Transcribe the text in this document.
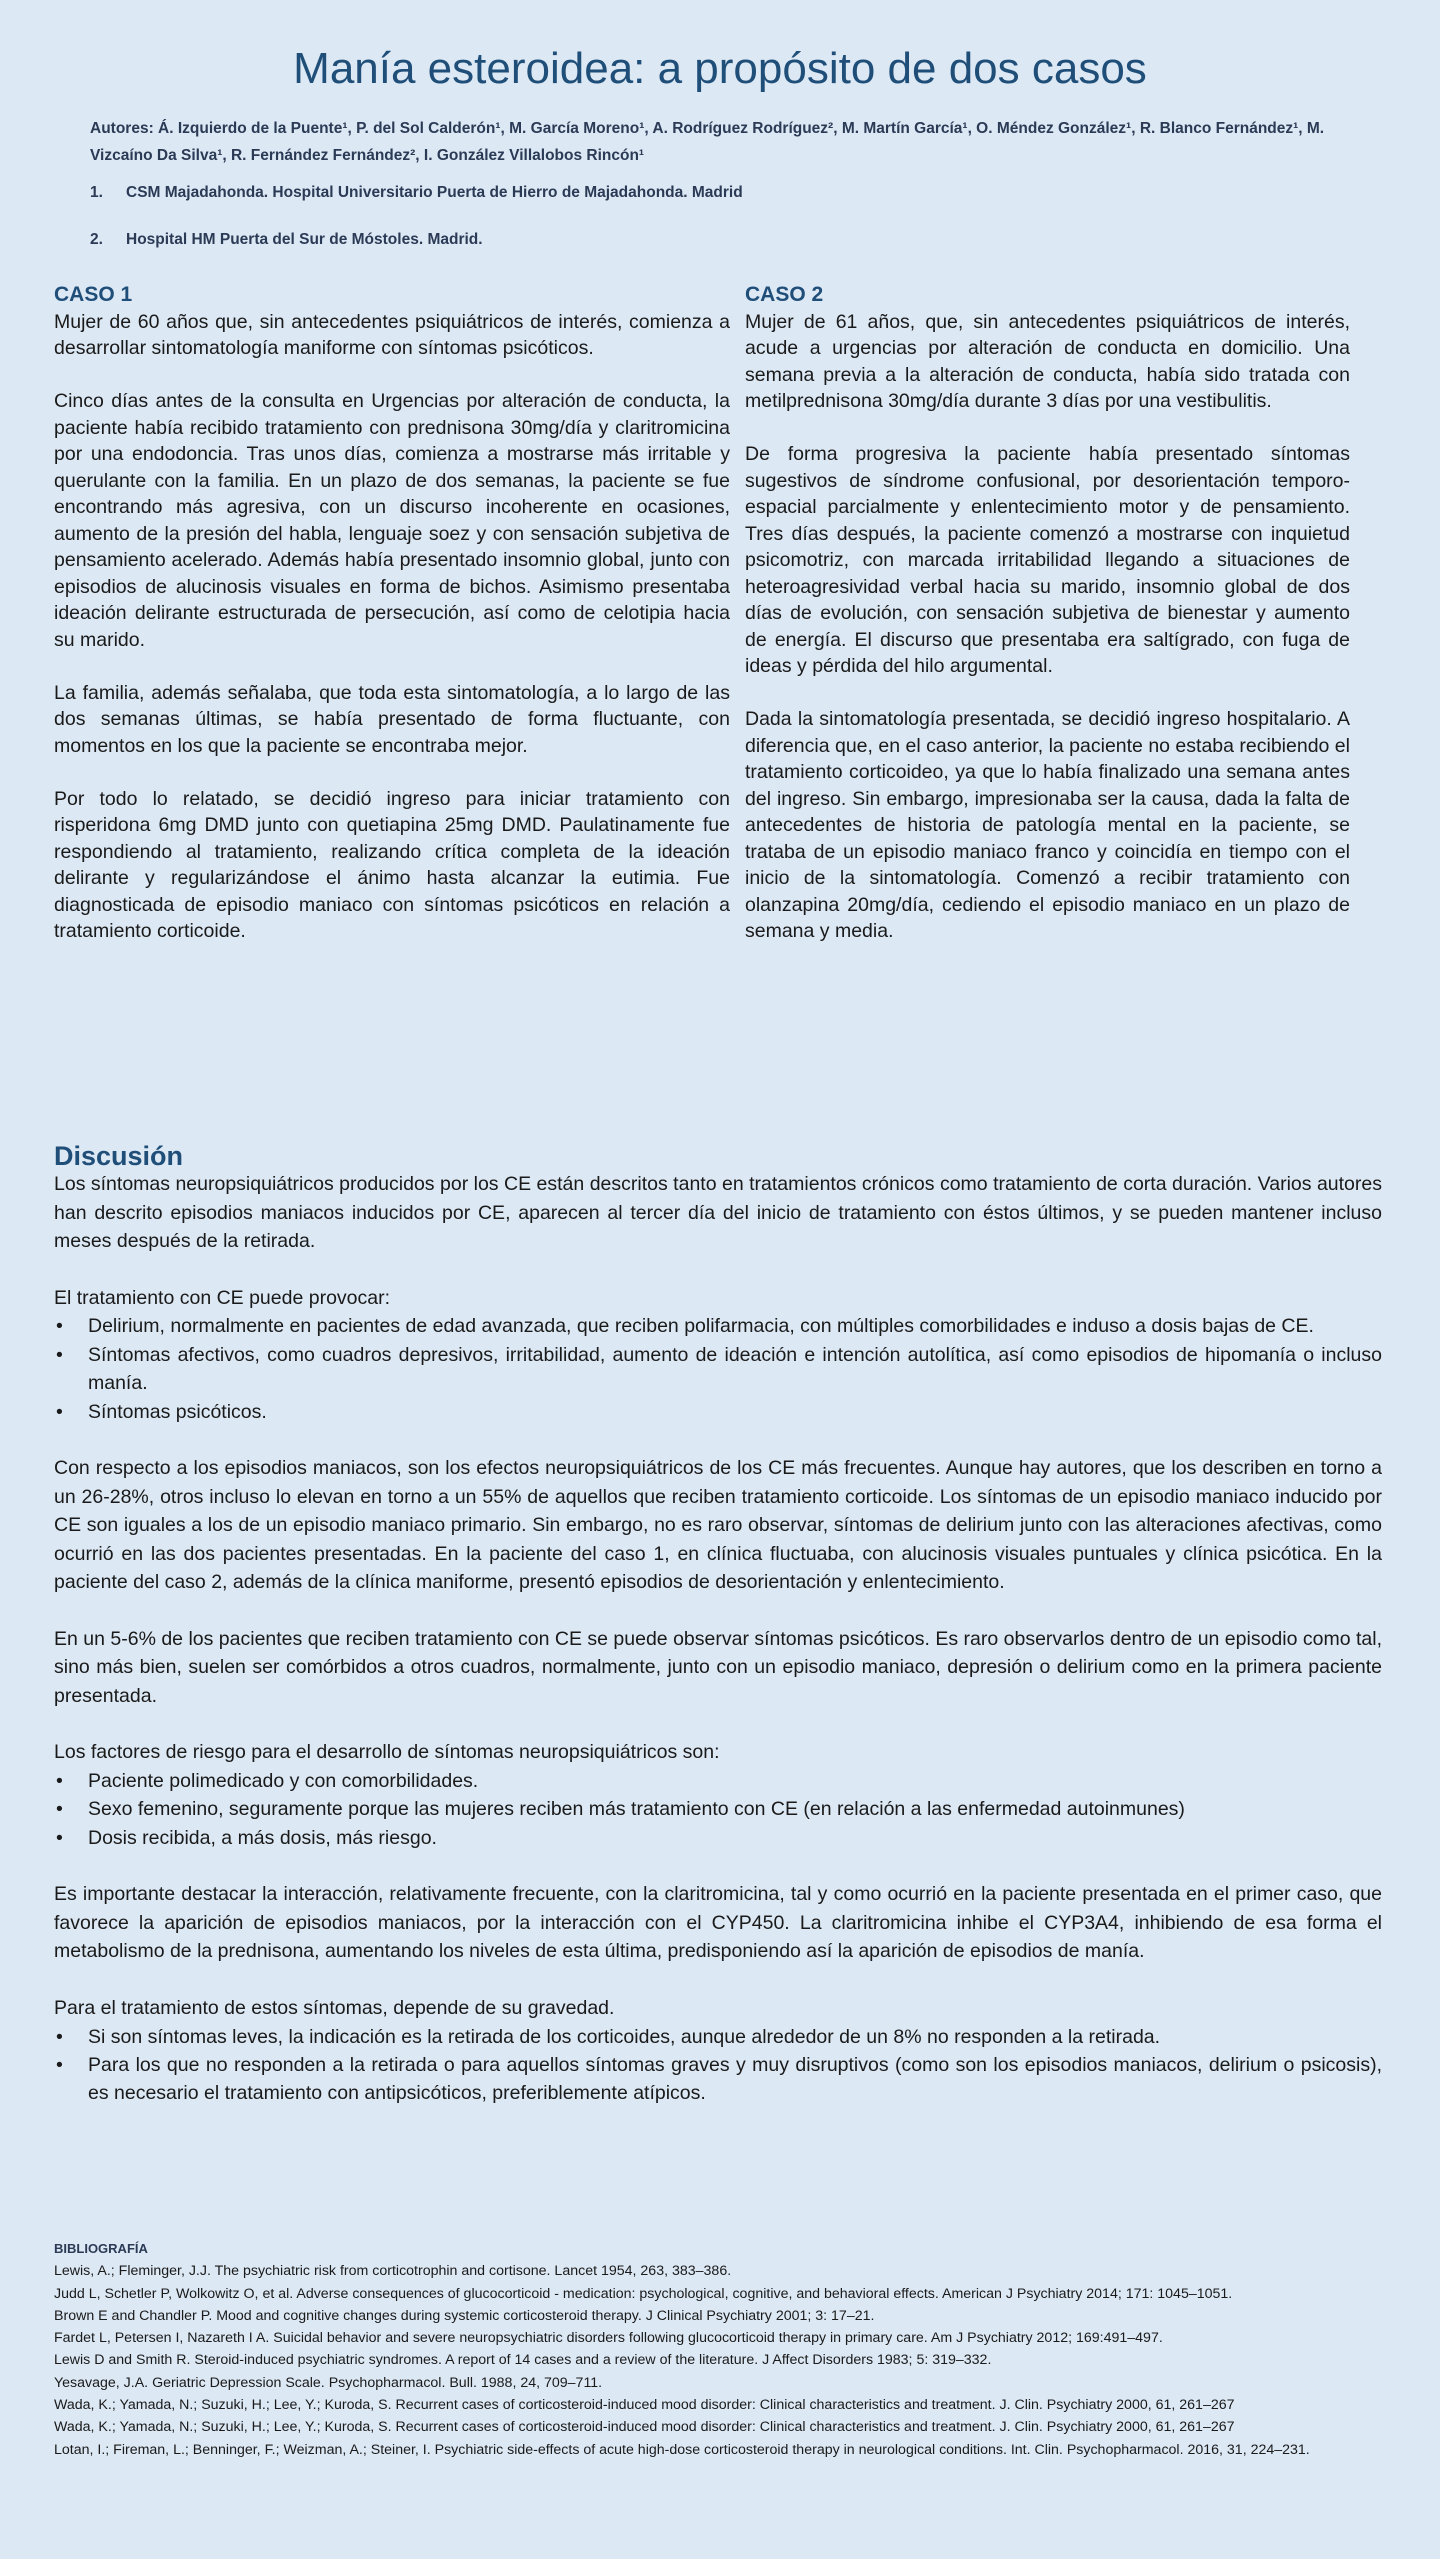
Manía esteroidea: a propósito de dos casos

Autores: Á. Izquierdo de la Puente¹, P. del Sol Calderón¹, M. García Moreno¹, A. Rodríguez Rodríguez², M. Martín García¹, O. Méndez González¹, R. Blanco Fernández¹, M. Vizcaíno Da Silva¹, R. Fernández Fernández², I. González Villalobos Rincón¹

1. CSM Majadahonda. Hospital Universitario Puerta de Hierro de Majadahonda. Madrid

2. Hospital HM Puerta del Sur de Móstoles. Madrid.

CASO 1

Mujer de 60 años que, sin antecedentes psiquiátricos de interés, comienza a desarrollar sintomatología maniforme con síntomas psicóticos.

Cinco días antes de la consulta en Urgencias por alteración de conducta, la paciente había recibido tratamiento con prednisona 30mg/día y claritromicina por una endodoncia. Tras unos días, comienza a mostrarse más irritable y querulante con la familia. En un plazo de dos semanas, la paciente se fue encontrando más agresiva, con un discurso incoherente en ocasiones, aumento de la presión del habla, lenguaje soez y con sensación subjetiva de pensamiento acelerado. Además había presentado insomnio global, junto con episodios de alucinosis visuales en forma de bichos. Asimismo presentaba ideación delirante estructurada de persecución, así como de celotipia hacia su marido.

La familia, además señalaba, que toda esta sintomatología, a lo largo de las dos semanas últimas, se había presentado de forma fluctuante, con momentos en los que la paciente se encontraba mejor.

Por todo lo relatado, se decidió ingreso para iniciar tratamiento con risperidona 6mg DMD junto con quetiapina 25mg DMD. Paulatinamente fue respondiendo al tratamiento, realizando crítica completa de la ideación delirante y regularizándose el ánimo hasta alcanzar la eutimia. Fue diagnosticada de episodio maniaco con síntomas psicóticos en relación a tratamiento corticoide.

CASO 2

Mujer de 61 años, que, sin antecedentes psiquiátricos de interés, acude a urgencias por alteración de conducta en domicilio. Una semana previa a la alteración de conducta, había sido tratada con metilprednisona 30mg/día durante 3 días por una vestibulitis.

De forma progresiva la paciente había presentado síntomas sugestivos de síndrome confusional, por desorientación temporo-espacial parcialmente y enlentecimiento motor y de pensamiento. Tres días después, la paciente comenzó a mostrarse con inquietud psicomotriz, con marcada irritabilidad llegando a situaciones de heteroagresividad verbal hacia su marido, insomnio global de dos días de evolución, con sensación subjetiva de bienestar y aumento de energía. El discurso que presentaba era saltígrado, con fuga de ideas y pérdida del hilo argumental.

Dada la sintomatología presentada, se decidió ingreso hospitalario. A diferencia que, en el caso anterior, la paciente no estaba recibiendo el tratamiento corticoideo, ya que lo había finalizado una semana antes del ingreso. Sin embargo, impresionaba ser la causa, dada la falta de antecedentes de historia de patología mental en la paciente, se trataba de un episodio maniaco franco y coincidía en tiempo con el inicio de la sintomatología. Comenzó a recibir tratamiento con olanzapina 20mg/día, cediendo el episodio maniaco en un plazo de semana y media.

Discusión

Los síntomas neuropsiquiátricos producidos por los CE están descritos tanto en tratamientos crónicos como tratamiento de corta duración. Varios autores han descrito episodios maniacos inducidos por CE, aparecen al tercer día del inicio de tratamiento con éstos últimos, y se pueden mantener incluso meses después de la retirada.

El tratamiento con CE puede provocar:

• Delirium, normalmente en pacientes de edad avanzada, que reciben polifarmacia, con múltiples comorbilidades e induso a dosis bajas de CE.
• Síntomas afectivos, como cuadros depresivos, irritabilidad, aumento de ideación e intención autolítica, así como episodios de hipomanía o incluso manía.
• Síntomas psicóticos.

Con respecto a los episodios maniacos, son los efectos neuropsiquiátricos de los CE más frecuentes. Aunque hay autores, que los describen en torno a un 26-28%, otros incluso lo elevan en torno a un 55% de aquellos que reciben tratamiento corticoide. Los síntomas de un episodio maniaco inducido por CE son iguales a los de un episodio maniaco primario. Sin embargo, no es raro observar, síntomas de delirium junto con las alteraciones afectivas, como ocurrió en las dos pacientes presentadas. En la paciente del caso 1, en clínica fluctuaba, con alucinosis visuales puntuales y clínica psicótica. En la paciente del caso 2, además de la clínica maniforme, presentó episodios de desorientación y enlentecimiento.

En un 5-6% de los pacientes que reciben tratamiento con CE se puede observar síntomas psicóticos. Es raro observarlos dentro de un episodio como tal, sino más bien, suelen ser comórbidos a otros cuadros, normalmente, junto con un episodio maniaco, depresión o delirium como en la primera paciente presentada.

Los factores de riesgo para el desarrollo de síntomas neuropsiquiátricos son:

• Paciente polimedicado y con comorbilidades.
• Sexo femenino, seguramente porque las mujeres reciben más tratamiento con CE (en relación a las enfermedad autoinmunes)
• Dosis recibida, a más dosis, más riesgo.

Es importante destacar la interacción, relativamente frecuente, con la claritromicina, tal y como ocurrió en la paciente presentada en el primer caso, que favorece la aparición de episodios maniacos, por la interacción con el CYP450. La claritromicina inhibe el CYP3A4, inhibiendo de esa forma el metabolismo de la prednisona, aumentando los niveles de esta última, predisponiendo así la aparición de episodios de manía.

Para el tratamiento de estos síntomas, depende de su gravedad.

• Si son síntomas leves, la indicación es la retirada de los corticoides, aunque alrededor de un 8% no responden a la retirada.
• Para los que no responden a la retirada o para aquellos síntomas graves y muy disruptivos (como son los episodios maniacos, delirium o psicosis), es necesario el tratamiento con antipsicóticos, preferiblemente atípicos.
BIBLIOGRAFÍA

Lewis, A.; Fleminger, J.J. The psychiatric risk from corticotrophin and cortisone. Lancet 1954, 263, 383–386.

Judd L, Schetler P, Wolkowitz O, et al. Adverse consequences of glucocorticoid - medication: psychological, cognitive, and behavioral effects. American J Psychiatry 2014; 171: 1045–1051.

Brown E and Chandler P. Mood and cognitive changes during systemic corticosteroid therapy. J Clinical Psychiatry 2001; 3: 17–21.

Fardet L, Petersen I, Nazareth I A. Suicidal behavior and severe neuropsychiatric disorders following glucocorticoid therapy in primary care. Am J Psychiatry 2012; 169:491–497.

Lewis D and Smith R. Steroid-induced psychiatric syndromes. A report of 14 cases and a review of the literature. J Affect Disorders 1983; 5: 319–332.

Yesavage, J.A. Geriatric Depression Scale. Psychopharmacol. Bull. 1988, 24, 709–711.

Wada, K.; Yamada, N.; Suzuki, H.; Lee, Y.; Kuroda, S. Recurrent cases of corticosteroid-induced mood disorder: Clinical characteristics and treatment. J. Clin. Psychiatry 2000, 61, 261–267

Wada, K.; Yamada, N.; Suzuki, H.; Lee, Y.; Kuroda, S. Recurrent cases of corticosteroid-induced mood disorder: Clinical characteristics and treatment. J. Clin. Psychiatry 2000, 61, 261–267

Lotan, I.; Fireman, L.; Benninger, F.; Weizman, A.; Steiner, I. Psychiatric side-effects of acute high-dose corticosteroid therapy in neurological conditions. Int. Clin. Psychopharmacol. 2016, 31, 224–231.
